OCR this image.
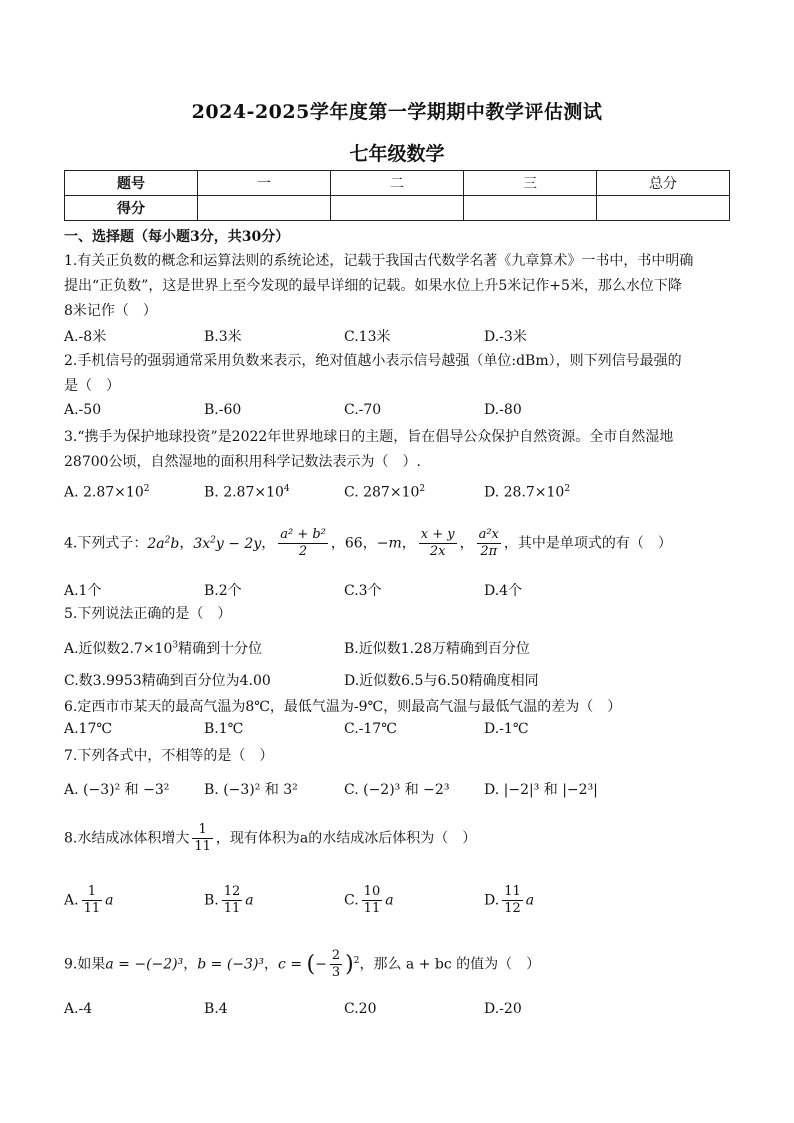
2024-2025学年度第一学期期中教学评估测试
七年级数学
题号	一	二	三	总分
得分				
一、选择题（每小题3分，共30分）
1.有关正负数的概念和运算法则的系统论述，记载于我国古代数学名著《九章算术》一书中，书中明确
提出“正负数”，这是世界上至今发现的最早详细的记载。如果水位上升5米记作+5米，那么水位下降
8米记作（　）
A.-8米	B.3米	C.13米	D.-3米
2.手机信号的强弱通常采用负数来表示，绝对值越小表示信号越强（单位:dBm），则下列信号最强的
是（　）
A.-50	B.-60	C.-70	D.-80
3.“携手为保护地球投资”是2022年世界地球日的主题，旨在倡导公众保护自然资源。全市自然湿地
28700公顷，自然湿地的面积用科学记数法表示为（　）.
A. $2.87\times 10^2$	B. $2.87\times 10^4$	C. $287\times 10^2$	D. $28.7\times 10^2$
4.下列式子：$2a^2b$，$3x^2y - 2y$， $\frac{\text{a² + b²}}{2}$ ，66，−m， $\frac{x + y}{2x}$ ， $\frac{\text{a²x}}{2\pi}$ ，其中是单项式的有（　）
A.1个	B.2个	C.3个	D.4个
5.下列说法正确的是（　）
A.近似数$2.7\times 10^3$精确到十分位	B.近似数1.28万精确到百分位
C.数3.9953精确到百分位为4.00	D.近似数6.5与6.50精确度相同
6.定西市市某天的最高气温为8℃，最低气温为-9℃，则最高气温与最低气温的差为（　）
A.17℃	B.1℃	C.-17℃	D.-1℃
7.下列各式中，不相等的是（　）
A. (−3)² 和 −3² B. (−3)² 和 3²	C. (−2)³ 和 −2³ D. |−2|³ 和 |−2³|
8.水结成冰体积增大 $\frac{1}{11}$ ，现有体积为a的水结成冰后体积为（　）
A. $\frac{1}{11}$ a	B. $\frac{12}{11}$ a	C. $\frac{10}{11}$ a	D. $\frac{11}{12}$ a
9.如果a = −(−2)³，b = (−3)³，c = (− $\frac{2}{3} )^2$，那么 a + bc 的值为（　）
A.-4	B.4	C.20	D.-20
